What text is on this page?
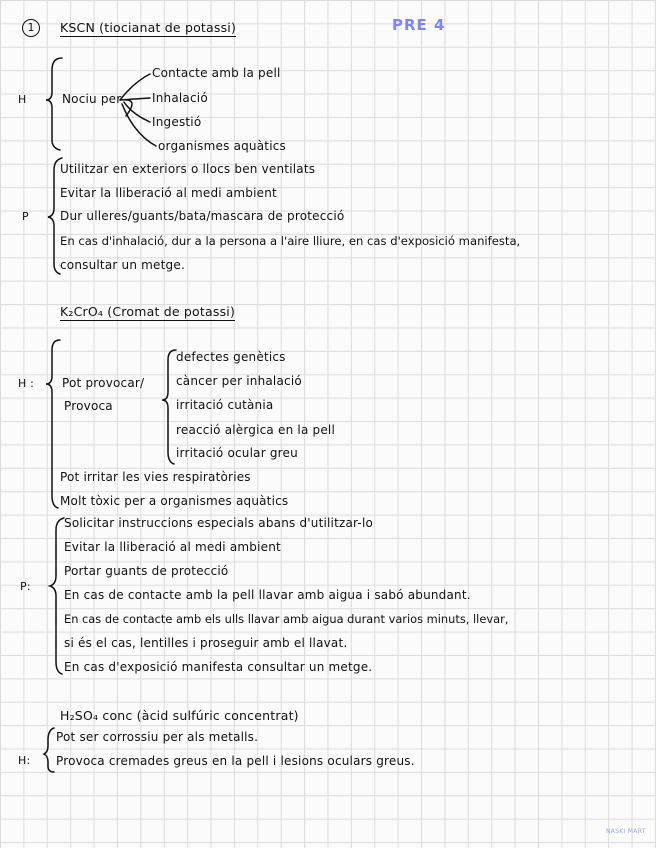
1	KSCN (tiocianat de potassi)	PRE 4
H	Nociu per
Contacte amb la pell
Inhalació
Ingestió
organismes aquàtics
P
Utilitzar en exteriors o llocs ben ventilats
Evitar la lliberació al medi ambient
Dur ulleres/guants/bata/mascara de protecció
En cas d'inhalació, dur a la persona a l'aire lliure, en cas d'exposició manifesta,
consultar un metge.
K₂CrO₄ (Cromat de potassi)
H : Pot provocar/
Provoca
defectes genètics
càncer per inhalació
irritació cutània
reacció alèrgica en la pell
irritació ocular greu
Pot irritar les vies respiratòries
Molt tòxic per a organismes aquàtics
P:
Solicitar instruccions especials abans d'utilitzar-lo
Evitar la lliberació al medi ambient
Portar guants de protecció
En cas de contacte amb la pell llavar amb aigua i sabó abundant.
En cas de contacte amb els ulls llavar amb aigua durant varios minuts, llevar,
si és el cas, lentilles i proseguir amb el llavat.
En cas d'exposició manifesta consultar un metge.
H₂SO₄ conc (àcid sulfúric concentrat)
H:
Pot ser corrossiu per als metalls.
Provoca cremades greus en la pell i lesions oculars greus.
NASKI MART
